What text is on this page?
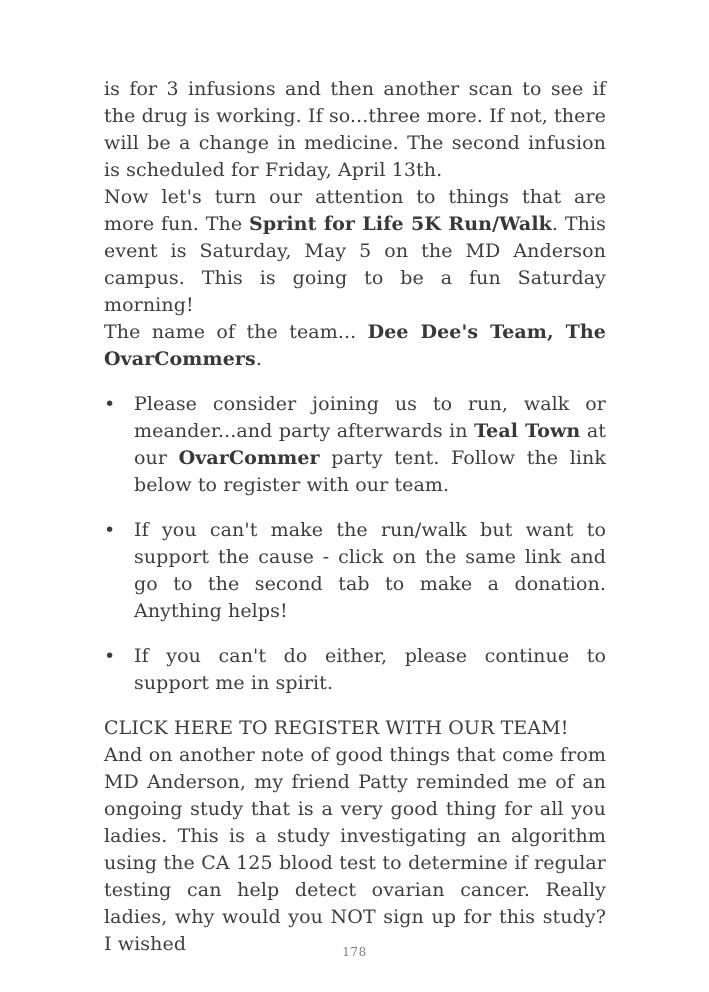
is for 3 infusions and then another scan to see if the drug is working. If so...three more. If not, there will be a change in medicine. The second infusion is scheduled for Friday, April 13th.

Now let's turn our attention to things that are more fun. The Sprint for Life 5K Run/Walk. This event is Saturday, May 5 on the MD Anderson campus. This is going to be a fun Saturday morning!

The name of the team... Dee Dee's Team, The OvarCommers.

• Please consider joining us to run, walk or meander...and party afterwards in Teal Town at our OvarCommer party tent. Follow the link below to register with our team.
• If you can't make the run/walk but want to support the cause - click on the same link and go to the second tab to make a donation. Anything helps!
• If you can't do either, please continue to support me in spirit.

CLICK HERE TO REGISTER WITH OUR TEAM!

And on another note of good things that come from MD Anderson, my friend Patty reminded me of an ongoing study that is a very good thing for all you ladies. This is a study investigating an algorithm using the CA 125 blood test to determine if regular testing can help detect ovarian cancer. Really ladies, why would you NOT sign up for this study? I wished	178
